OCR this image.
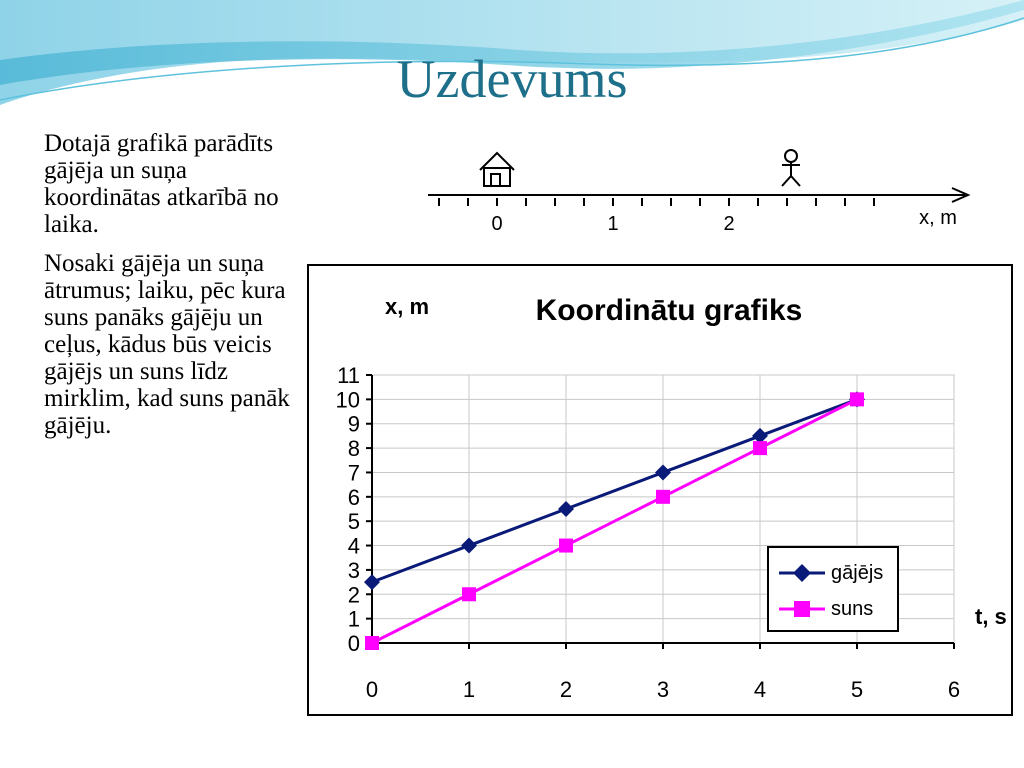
Uzdevums

Dotajā grafikā parādīts gājēja un suņa koordinātas atkarībā no laika.

Nosaki gājēja un suņa ātrumus; laiku, pēc kura suns panāks gājēju un ceļus, kādus būs veicis gājējs un suns līdz mirklim, kad suns panāk gājēju.

0	1	2	x, m
0
1
2
3
4
5
6
7
8
9
10
11
0	1	2	3	4	5	6
x, m	Koordinātu grafiks
t, s
gājējs
suns
